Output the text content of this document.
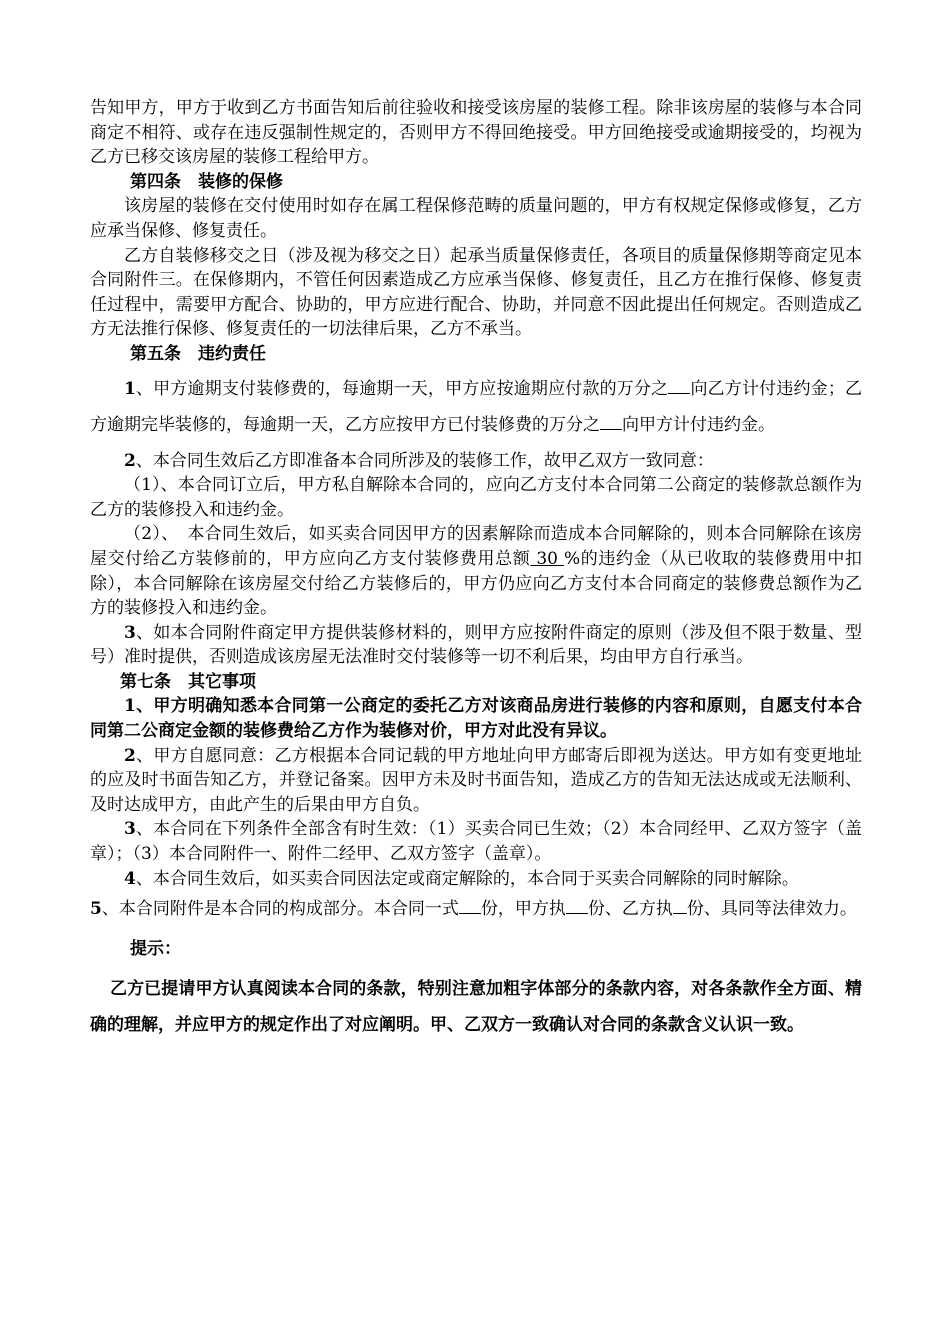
告知甲方，甲方于收到乙方书面告知后前往验收和接受该房屋的装修工程。除非该房屋的装修与本合同商定不相符、或存在违反强制性规定的，否则甲方不得回绝接受。甲方回绝接受或逾期接受的，均视为乙方已移交该房屋的装修工程给甲方。

第四条　装修的保修

该房屋的装修在交付使用时如存在属工程保修范畴的质量问题的，甲方有权规定保修或修复，乙方应承当保修、修复责任。

乙方自装修移交之日（涉及视为移交之日）起承当质量保修责任，各项目的质量保修期等商定见本合同附件三。在保修期内，不管任何因素造成乙方应承当保修、修复责任，且乙方在推行保修、修复责任过程中，需要甲方配合、协助的，甲方应进行配合、协助，并同意不因此提出任何规定。否则造成乙方无法推行保修、修复责任的一切法律后果，乙方不承当。

第五条　违约责任

1、甲方逾期支付装修费的，每逾期一天，甲方应按逾期应付款的万分之 向乙方计付违约金；乙方逾期完毕装修的，每逾期一天，乙方应按甲方已付装修费的万分之 向甲方计付违约金。

2、本合同生效后乙方即准备本合同所涉及的装修工作，故甲乙双方一致同意：

（1）、本合同订立后，甲方私自解除本合同的，应向乙方支付本合同第二公商定的装修款总额作为乙方的装修投入和违约金。

（2）、　本合同生效后，如买卖合同因甲方的因素解除而造成本合同解除的，则本合同解除在该房屋交付给乙方装修前的，甲方应向乙方支付装修费用总额 30 %的违约金（从已收取的装修费用中扣除），本合同解除在该房屋交付给乙方装修后的，甲方仍应向乙方支付本合同商定的装修费总额作为乙方的装修投入和违约金。

3、如本合同附件商定甲方提供装修材料的，则甲方应按附件商定的原则（涉及但不限于数量、型号）准时提供，否则造成该房屋无法准时交付装修等一切不利后果，均由甲方自行承当。

第七条　其它事项

1、甲方明确知悉本合同第一公商定的委托乙方对该商品房进行装修的内容和原则，自愿支付本合同第二公商定金额的装修费给乙方作为装修对价，甲方对此没有异议。

2、甲方自愿同意：乙方根据本合同记载的甲方地址向甲方邮寄后即视为送达。甲方如有变更地址的应及时书面告知乙方，并登记备案。因甲方未及时书面告知，造成乙方的告知无法达成或无法顺利、及时达成甲方，由此产生的后果由甲方自负。

3、本合同在下列条件全部含有时生效：（1）买卖合同已生效；（2）本合同经甲、乙双方签字（盖章）；（3）本合同附件一、附件二经甲、乙双方签字（盖章）。

4、本合同生效后，如买卖合同因法定或商定解除的，本合同于买卖合同解除的同时解除。

5、本合同附件是本合同的构成部分。本合同一式 份，甲方执 份、乙方执 份、具同等法律效力。

提示：

乙方已提请甲方认真阅读本合同的条款，特别注意加粗字体部分的条款内容，对各条款作全方面、精确的理解，并应甲方的规定作出了对应阐明。甲、乙双方一致确认对合同的条款含义认识一致。
